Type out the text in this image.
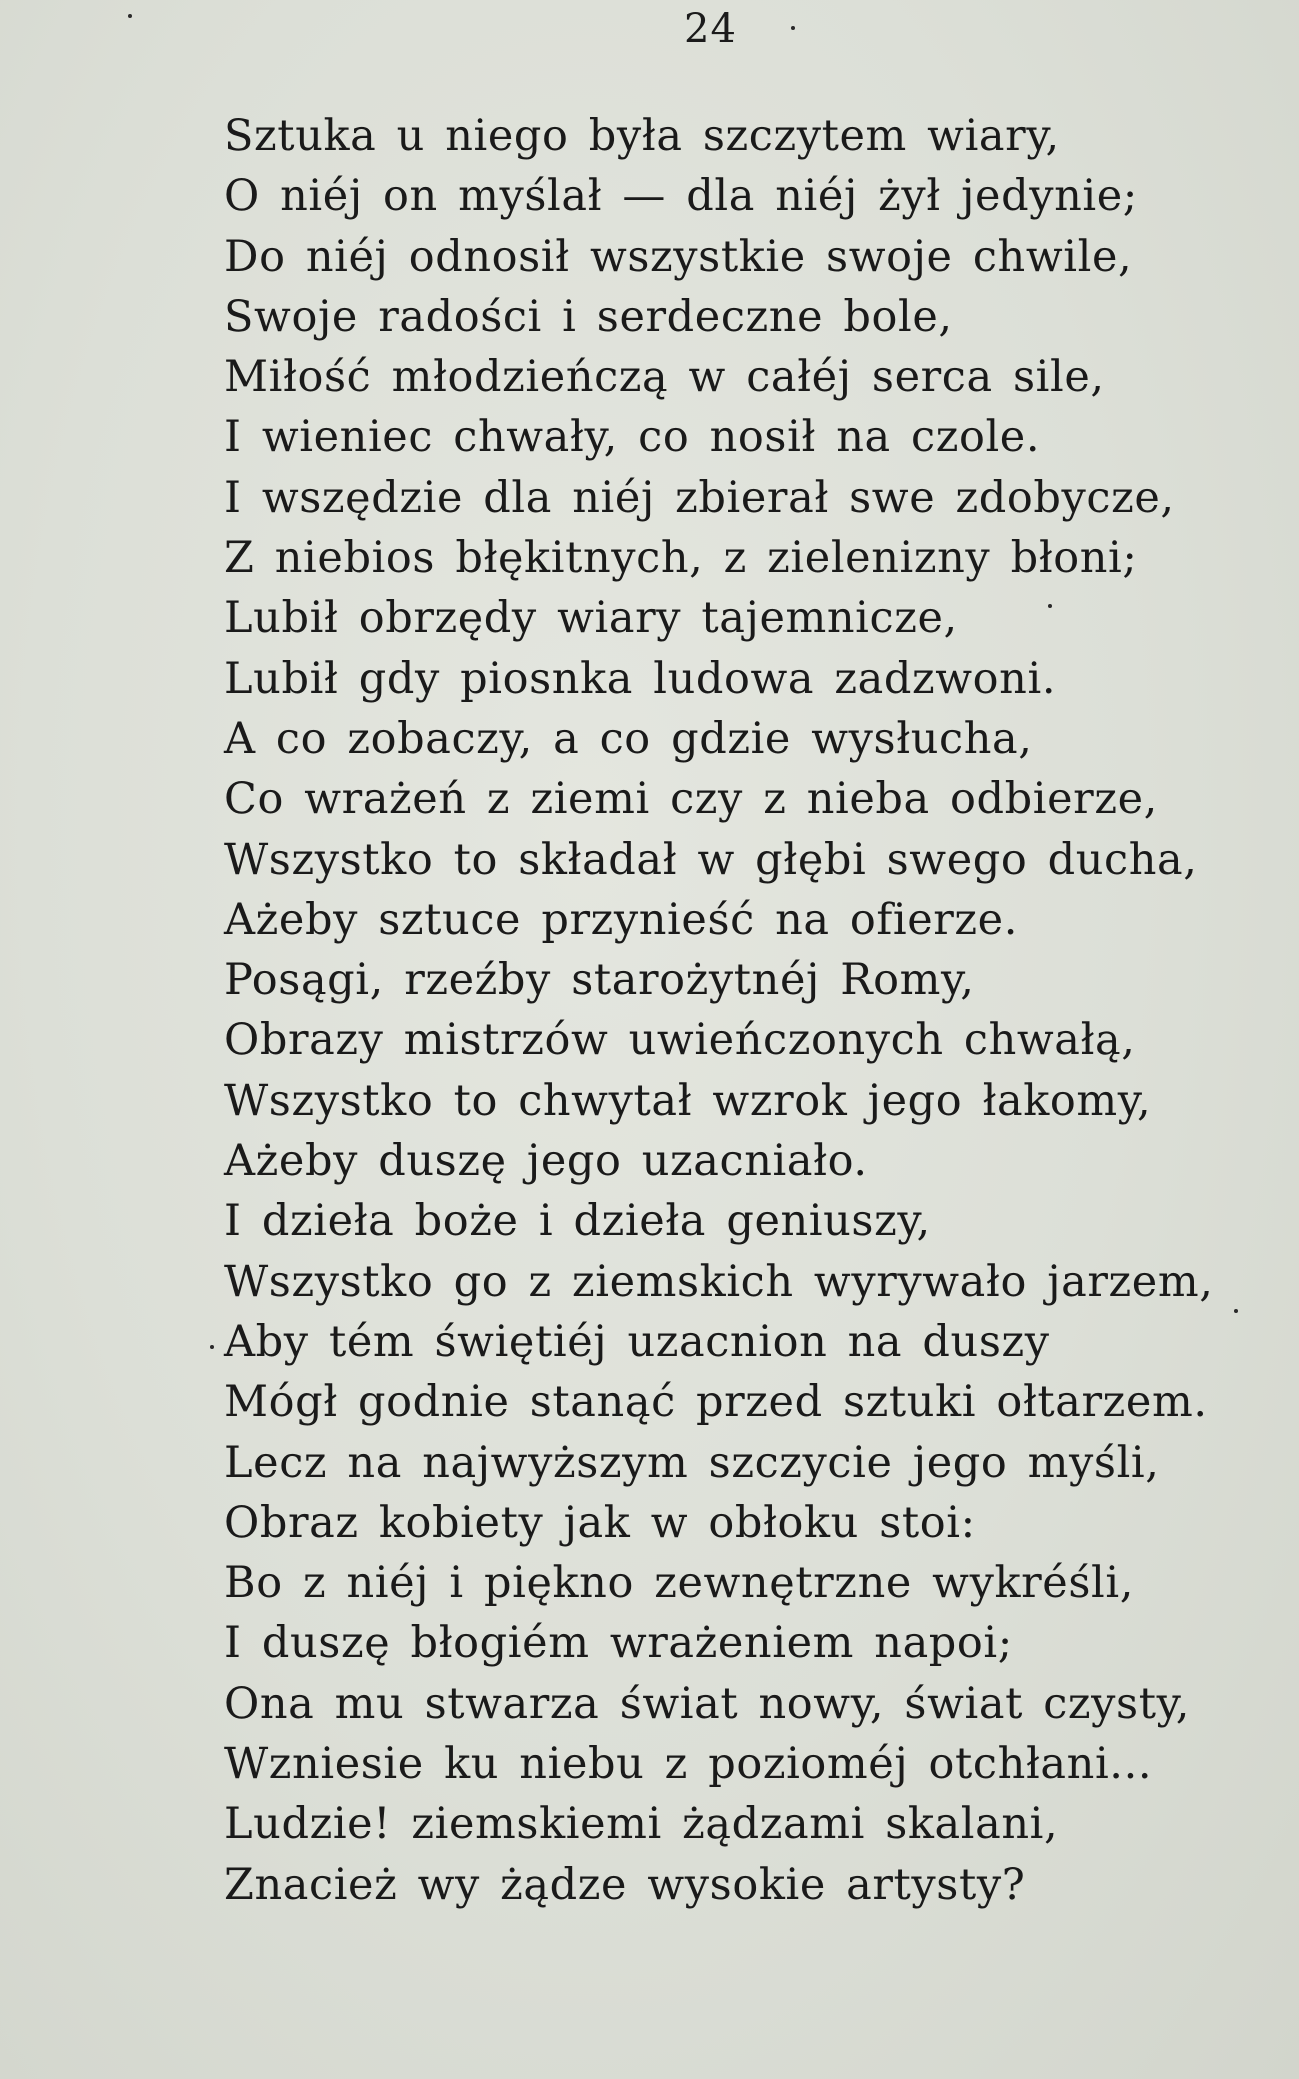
24
Sztuka u niego była szczytem wiary,
O niéj on myślał — dla niéj żył jedynie;
Do niéj odnosił wszystkie swoje chwile,
Swoje radości i serdeczne bole,
Miłość młodzieńczą w całéj serca sile,
I wieniec chwały, co nosił na czole.
I wszędzie dla niéj zbierał swe zdobycze,
Z niebios błękitnych, z zielenizny błoni;
Lubił obrzędy wiary tajemnicze,
Lubił gdy piosnka ludowa zadzwoni.
A co zobaczy, a co gdzie wysłucha,
Co wrażeń z ziemi czy z nieba odbierze,
Wszystko to składał w głębi swego ducha,
Ażeby sztuce przynieść na ofierze.
Posągi, rzeźby starożytnéj Romy,
Obrazy mistrzów uwieńczonych chwałą,
Wszystko to chwytał wzrok jego łakomy,
Ażeby duszę jego uzacniało.
I dzieła boże i dzieła geniuszy,
Wszystko go z ziemskich wyrywało jarzem,
Aby tém świętiéj uzacnion na duszy
Mógł godnie stanąć przed sztuki ołtarzem.
Lecz na najwyższym szczycie jego myśli,
Obraz kobiety jak w obłoku stoi:
Bo z niéj i piękno zewnętrzne wykréśli,
I duszę błogiém wrażeniem napoi;
Ona mu stwarza świat nowy, świat czysty,
Wzniesie ku niebu z pozioméj otchłani...
Ludzie! ziemskiemi żądzami skalani,
Znacież wy żądze wysokie artysty?
